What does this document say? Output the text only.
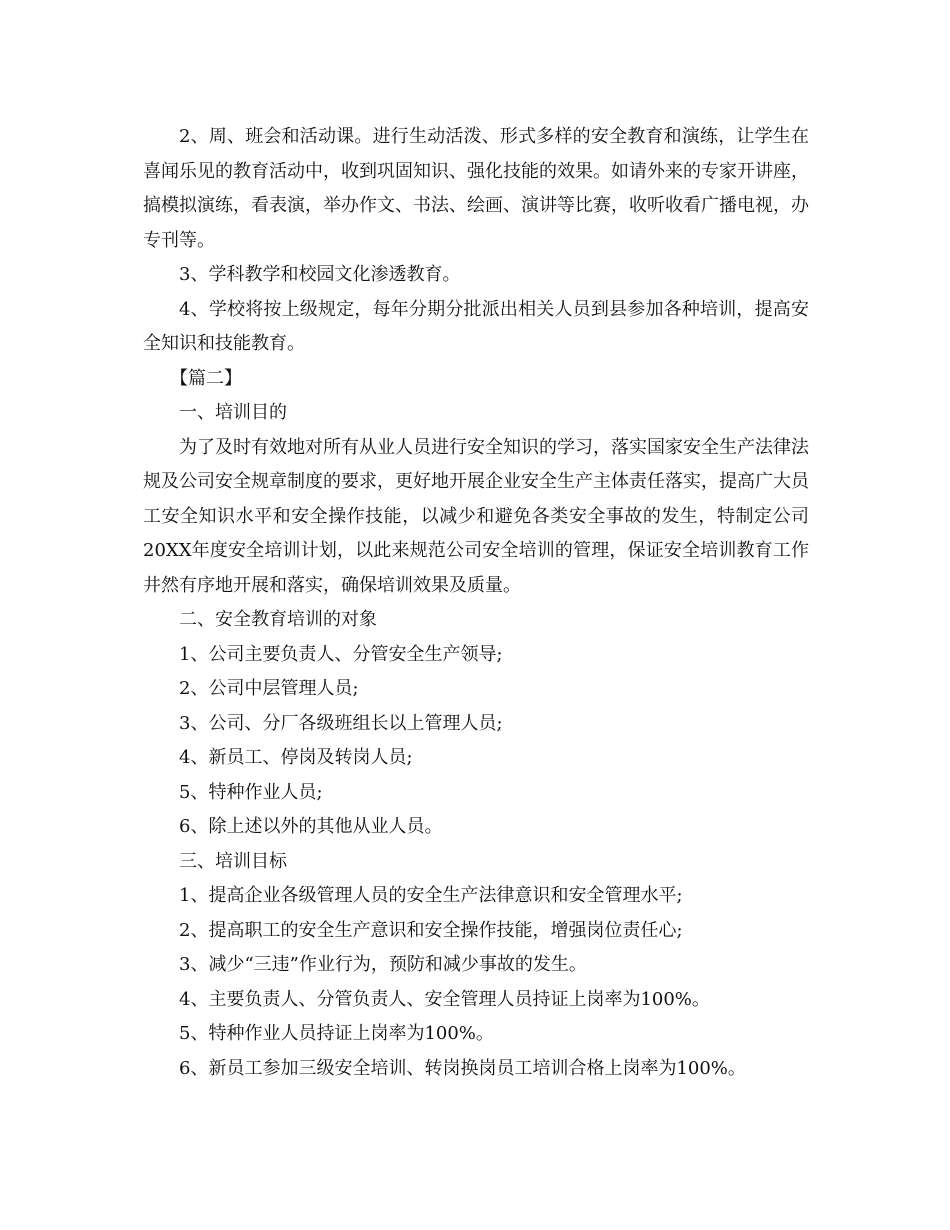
2、周、班会和活动课。进行生动活泼、形式多样的安全教育和演练，让学生在喜闻乐见的教育活动中，收到巩固知识、强化技能的效果。如请外来的专家开讲座，搞模拟演练，看表演，举办作文、书法、绘画、演讲等比赛，收听收看广播电视，办专刊等。

3、学科教学和校园文化渗透教育。

4、学校将按上级规定，每年分期分批派出相关人员到县参加各种培训，提高安全知识和技能教育。

【篇二】

一、培训目的

为了及时有效地对所有从业人员进行安全知识的学习，落实国家安全生产法律法规及公司安全规章制度的要求，更好地开展企业安全生产主体责任落实，提高广大员工安全知识水平和安全操作技能，以减少和避免各类安全事故的发生，特制定公司20XX年度安全培训计划，以此来规范公司安全培训的管理，保证安全培训教育工作井然有序地开展和落实，确保培训效果及质量。

二、安全教育培训的对象

1、公司主要负责人、分管安全生产领导;

2、公司中层管理人员;

3、公司、分厂各级班组长以上管理人员;

4、新员工、停岗及转岗人员;

5、特种作业人员;

6、除上述以外的其他从业人员。

三、培训目标

1、提高企业各级管理人员的安全生产法律意识和安全管理水平;

2、提高职工的安全生产意识和安全操作技能，增强岗位责任心;

3、减少“三违”作业行为，预防和减少事故的发生。

4、主要负责人、分管负责人、安全管理人员持证上岗率为100%。

5、特种作业人员持证上岗率为100%。

6、新员工参加三级安全培训、转岗换岗员工培训合格上岗率为100%。
